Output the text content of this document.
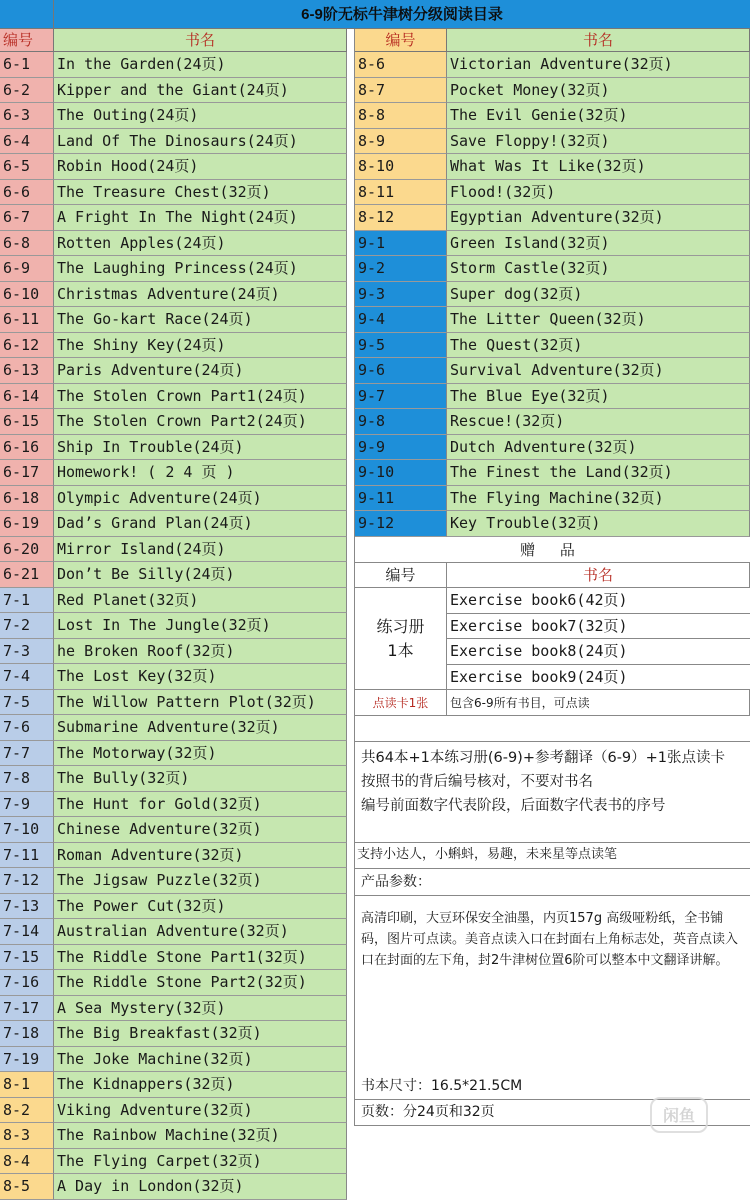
6-9阶无标牛津树分级阅读目录
编号	书名	编号	书名
6-1	In the Garden(24页)
6-2	Kipper and the Giant(24页)
6-3	The Outing(24页)
6-4	Land Of The Dinosaurs(24页)
6-5	Robin Hood(24页)
6-6	The Treasure Chest(32页)
6-7	A Fright In The Night(24页)
6-8	Rotten Apples(24页)
6-9	The Laughing Princess(24页)
6-10	Christmas Adventure(24页)
6-11	The Go-kart Race(24页)
6-12	The Shiny Key(24页)
6-13	Paris Adventure(24页)
6-14	The Stolen Crown Part1(24页)
6-15	The Stolen Crown Part2(24页)
6-16	Ship In Trouble(24页)
6-17	Homework! ( 2 4 页 )
6-18	Olympic Adventure(24页)
6-19	Dad’s Grand Plan(24页)
6-20	Mirror Island(24页)
6-21	Don’t Be Silly(24页)
7-1	Red Planet(32页)
7-2	Lost In The Jungle(32页)
7-3	he Broken Roof(32页)
7-4	The Lost Key(32页)
7-5	The Willow Pattern Plot(32页)
7-6	Submarine Adventure(32页)
7-7	The Motorway(32页)
7-8	The Bully(32页)
7-9	The Hunt for Gold(32页)
7-10	Chinese Adventure(32页)
7-11	Roman Adventure(32页)
7-12	The Jigsaw Puzzle(32页)
7-13	The Power Cut(32页)
7-14	Australian Adventure(32页)
7-15	The Riddle Stone Part1(32页)
7-16	The Riddle Stone Part2(32页)
7-17	A Sea Mystery(32页)
7-18	The Big Breakfast(32页)
7-19	The Joke Machine(32页)
8-1	The Kidnappers(32页)
8-2	Viking Adventure(32页)
8-3	The Rainbow Machine(32页)
8-4	The Flying Carpet(32页)
8-5	A Day in London(32页)
8-6	Victorian Adventure(32页)
8-7	Pocket Money(32页)
8-8	The Evil Genie(32页)
8-9	Save Floppy!(32页)
8-10	What Was It Like(32页)
8-11	Flood!(32页)
8-12	Egyptian Adventure(32页)
9-1	Green Island(32页)
9-2	Storm Castle(32页)
9-3	Super dog(32页)
9-4	The Litter Queen(32页)
9-5	The Quest(32页)
9-6	Survival Adventure(32页)
9-7	The Blue Eye(32页)
9-8	Rescue!(32页)
9-9	Dutch Adventure(32页)
9-10	The Finest the Land(32页)
9-11	The Flying Machine(32页)
9-12	Key Trouble(32页)
赠 品
编号	书名
练习册
1本
Exercise book6(42页)
Exercise book7(32页)
Exercise book8(24页)
Exercise book9(24页)
点读卡1张	包含6-9所有书目，可点读
共64本+1本练习册(6-9)+参考翻译（6-9）+1张点读卡
按照书的背后编号核对，不要对书名
编号前面数字代表阶段，后面数字代表书的序号
支持小达人，小蝌蚪，易趣，未来星等点读笔
产品参数：
高清印刷，大豆环保安全油墨，内页157g 高级哑粉纸，全书铺码，图片可点读。美音点读入口在封面右上角标志处，英音点读入口在封面的左下角，封2牛津树位置6阶可以整本中文翻译讲解。
书本尺寸：16.5*21.5CM
页数：分24页和32页	闲鱼
闲鱼号：正版绘本厂家
